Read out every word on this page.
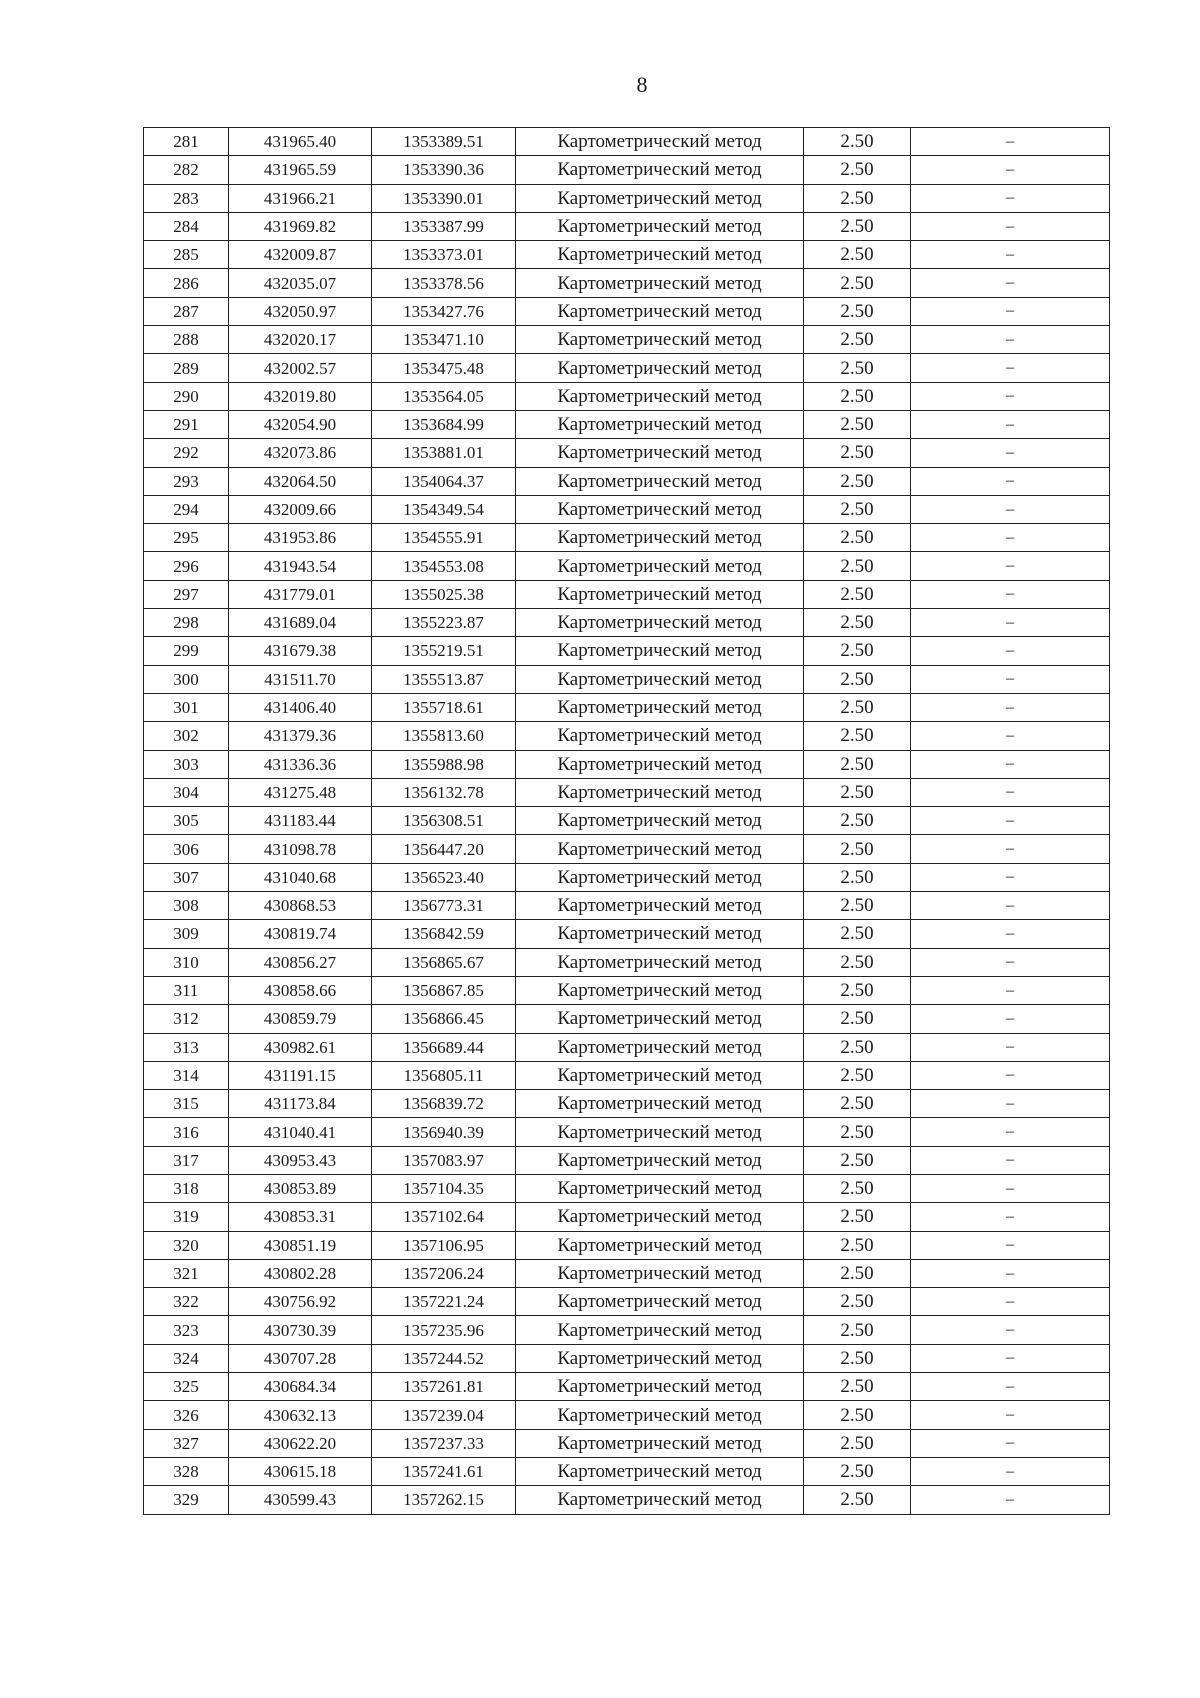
8
281	431965.40	1353389.51	Картометрический метод	2.50	–
282	431965.59	1353390.36	Картометрический метод	2.50	–
283	431966.21	1353390.01	Картометрический метод	2.50	–
284	431969.82	1353387.99	Картометрический метод	2.50	–
285	432009.87	1353373.01	Картометрический метод	2.50	–
286	432035.07	1353378.56	Картометрический метод	2.50	–
287	432050.97	1353427.76	Картометрический метод	2.50	–
288	432020.17	1353471.10	Картометрический метод	2.50	–
289	432002.57	1353475.48	Картометрический метод	2.50	–
290	432019.80	1353564.05	Картометрический метод	2.50	–
291	432054.90	1353684.99	Картометрический метод	2.50	–
292	432073.86	1353881.01	Картометрический метод	2.50	–
293	432064.50	1354064.37	Картометрический метод	2.50	–
294	432009.66	1354349.54	Картометрический метод	2.50	–
295	431953.86	1354555.91	Картометрический метод	2.50	–
296	431943.54	1354553.08	Картометрический метод	2.50	–
297	431779.01	1355025.38	Картометрический метод	2.50	–
298	431689.04	1355223.87	Картометрический метод	2.50	–
299	431679.38	1355219.51	Картометрический метод	2.50	–
300	431511.70	1355513.87	Картометрический метод	2.50	–
301	431406.40	1355718.61	Картометрический метод	2.50	–
302	431379.36	1355813.60	Картометрический метод	2.50	–
303	431336.36	1355988.98	Картометрический метод	2.50	–
304	431275.48	1356132.78	Картометрический метод	2.50	–
305	431183.44	1356308.51	Картометрический метод	2.50	–
306	431098.78	1356447.20	Картометрический метод	2.50	–
307	431040.68	1356523.40	Картометрический метод	2.50	–
308	430868.53	1356773.31	Картометрический метод	2.50	–
309	430819.74	1356842.59	Картометрический метод	2.50	–
310	430856.27	1356865.67	Картометрический метод	2.50	–
311	430858.66	1356867.85	Картометрический метод	2.50	–
312	430859.79	1356866.45	Картометрический метод	2.50	–
313	430982.61	1356689.44	Картометрический метод	2.50	–
314	431191.15	1356805.11	Картометрический метод	2.50	–
315	431173.84	1356839.72	Картометрический метод	2.50	–
316	431040.41	1356940.39	Картометрический метод	2.50	–
317	430953.43	1357083.97	Картометрический метод	2.50	–
318	430853.89	1357104.35	Картометрический метод	2.50	–
319	430853.31	1357102.64	Картометрический метод	2.50	–
320	430851.19	1357106.95	Картометрический метод	2.50	–
321	430802.28	1357206.24	Картометрический метод	2.50	–
322	430756.92	1357221.24	Картометрический метод	2.50	–
323	430730.39	1357235.96	Картометрический метод	2.50	–
324	430707.28	1357244.52	Картометрический метод	2.50	–
325	430684.34	1357261.81	Картометрический метод	2.50	–
326	430632.13	1357239.04	Картометрический метод	2.50	–
327	430622.20	1357237.33	Картометрический метод	2.50	–
328	430615.18	1357241.61	Картометрический метод	2.50	–
329	430599.43	1357262.15	Картометрический метод	2.50	–
